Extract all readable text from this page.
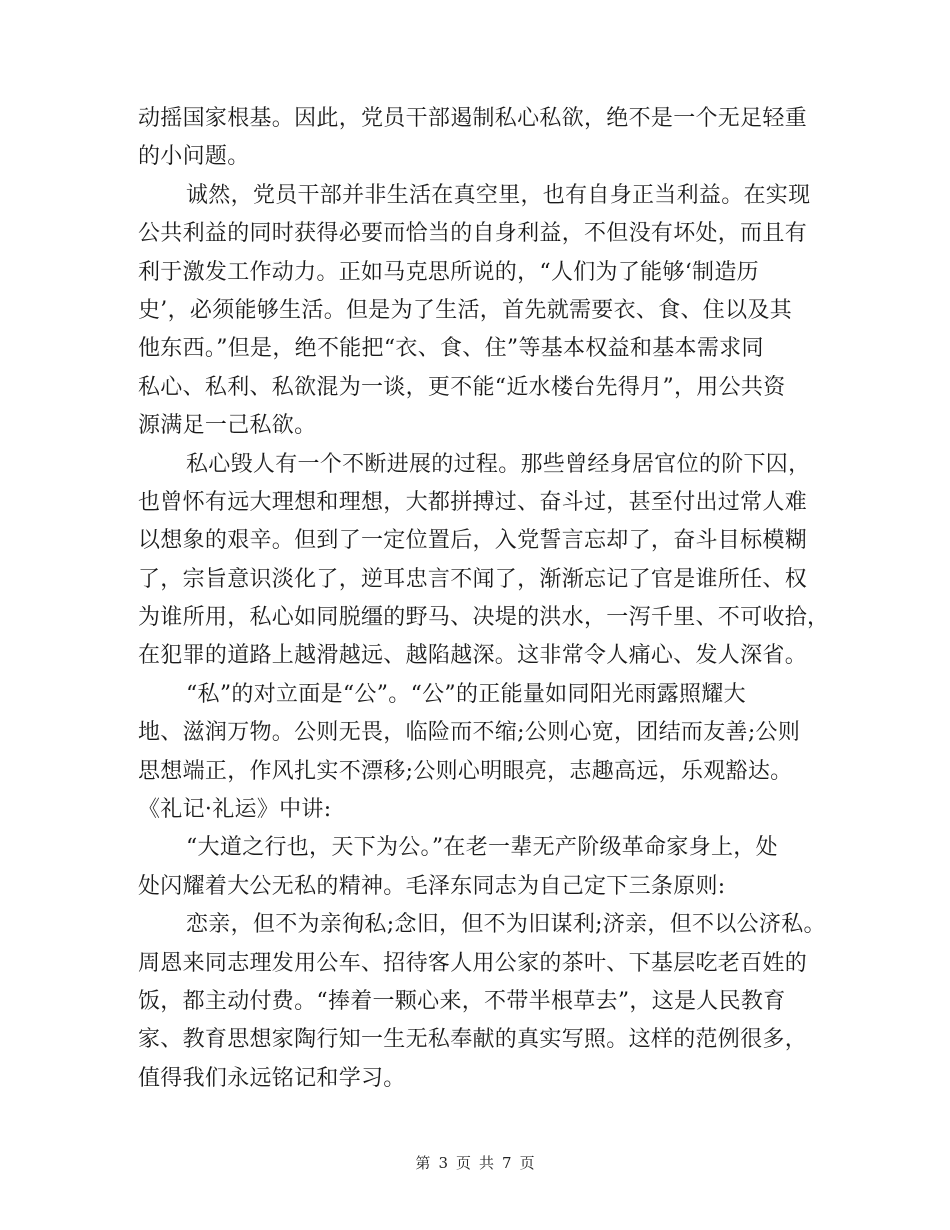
动摇国家根基。因此，党员干部遏制私心私欲，绝不是一个无足轻重
的小问题。
诚然，党员干部并非生活在真空里，也有自身正当利益。在实现
公共利益的同时获得必要而恰当的自身利益，不但没有坏处，而且有
利于激发工作动力。正如马克思所说的，“人们为了能够‘制造历
史’，必须能够生活。但是为了生活，首先就需要衣、食、住以及其
他东西。”但是，绝不能把“衣、食、住”等基本权益和基本需求同
私心、私利、私欲混为一谈，更不能“近水楼台先得月”，用公共资
源满足一己私欲。
私心毁人有一个不断进展的过程。那些曾经身居官位的阶下囚，
也曾怀有远大理想和理想，大都拼搏过、奋斗过，甚至付出过常人难
以想象的艰辛。但到了一定位置后，入党誓言忘却了，奋斗目标模糊
了，宗旨意识淡化了，逆耳忠言不闻了，渐渐忘记了官是谁所任、权
为谁所用，私心如同脱缰的野马、决堤的洪水，一泻千里、不可收拾，
在犯罪的道路上越滑越远、越陷越深。这非常令人痛心、发人深省。
“私”的对立面是“公”。“公”的正能量如同阳光雨露照耀大
地、滋润万物。公则无畏，临险而不缩;公则心宽，团结而友善;公则
思想端正，作风扎实不漂移;公则心明眼亮，志趣高远，乐观豁达。
《礼记·礼运》中讲:
“大道之行也，天下为公。”在老一辈无产阶级革命家身上，处
处闪耀着大公无私的精神。毛泽东同志为自己定下三条原则:
恋亲，但不为亲徇私;念旧，但不为旧谋利;济亲，但不以公济私。
周恩来同志理发用公车、招待客人用公家的茶叶、下基层吃老百姓的
饭，都主动付费。“捧着一颗心来，不带半根草去”，这是人民教育
家、教育思想家陶行知一生无私奉献的真实写照。这样的范例很多，
值得我们永远铭记和学习。
第 3 页 共 7 页
